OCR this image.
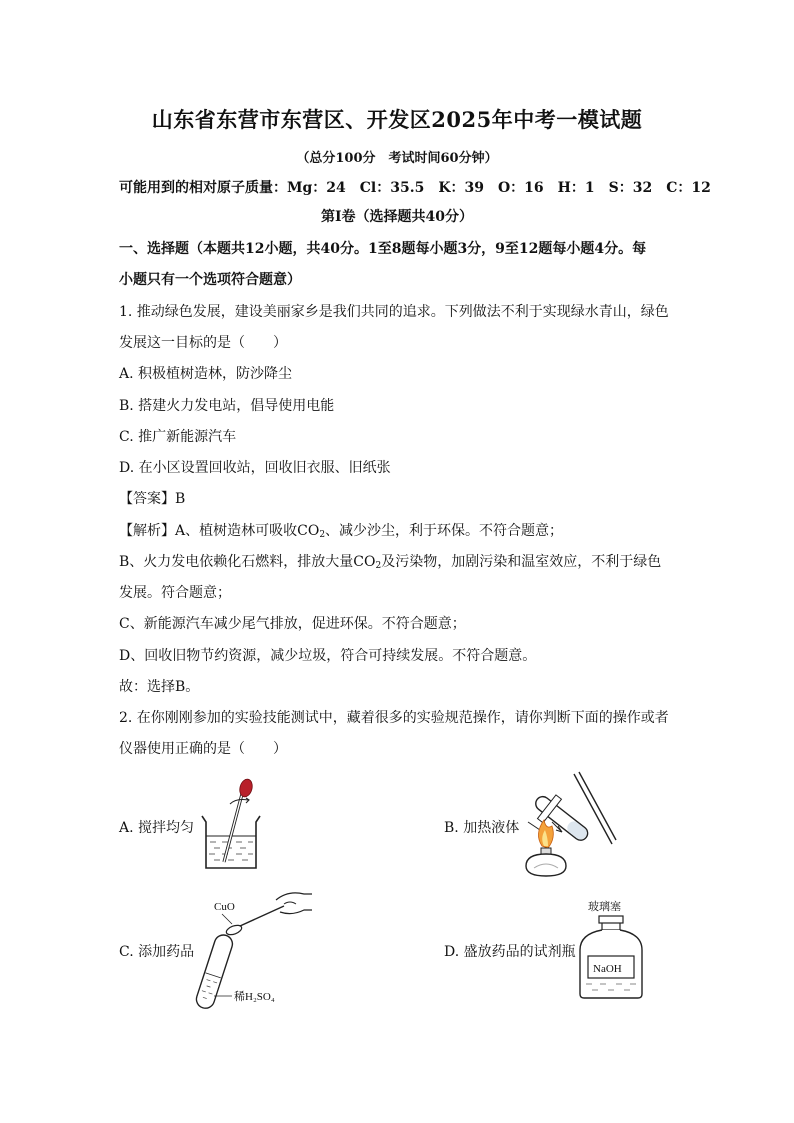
山东省东营市东营区、开发区2025年中考一模试题
（总分100分　考试时间60分钟）
可能用到的相对原子质量：Mg：24　Cl：35.5　K：39　O：16　H：1　S：32　C：12
第Ⅰ卷（选择题共40分）
一、选择题（本题共12小题，共40分。1至8题每小题3分，9至12题每小题4分。每
小题只有一个选项符合题意）
1. 推动绿色发展，建设美丽家乡是我们共同的追求。下列做法不利于实现绿水青山，绿色
发展这一目标的是（　　）
A. 积极植树造林，防沙降尘
B. 搭建火力发电站，倡导使用电能
C. 推广新能源汽车
D. 在小区设置回收站，回收旧衣服、旧纸张
【答案】B
【解析】A、植树造林可吸收$CO_2$、减少沙尘，利于环保。不符合题意；
B、火力发电依赖化石燃料，排放大量$CO_2$及污染物，加剧污染和温室效应，不利于绿色
发展。符合题意；
C、新能源汽车减少尾气排放，促进环保。不符合题意；
D、回收旧物节约资源，减少垃圾，符合可持续发展。不符合题意。
故：选择B。
2. 在你刚刚参加的实验技能测试中，藏着很多的实验规范操作，请你判断下面的操作或者
仪器使用正确的是（　　）
A. 搅拌均匀	B. 加热液体
C. 添加药品
CuO
稀H₂SO₄
D. 盛放药品的试剂瓶
玻璃塞
NaOH
